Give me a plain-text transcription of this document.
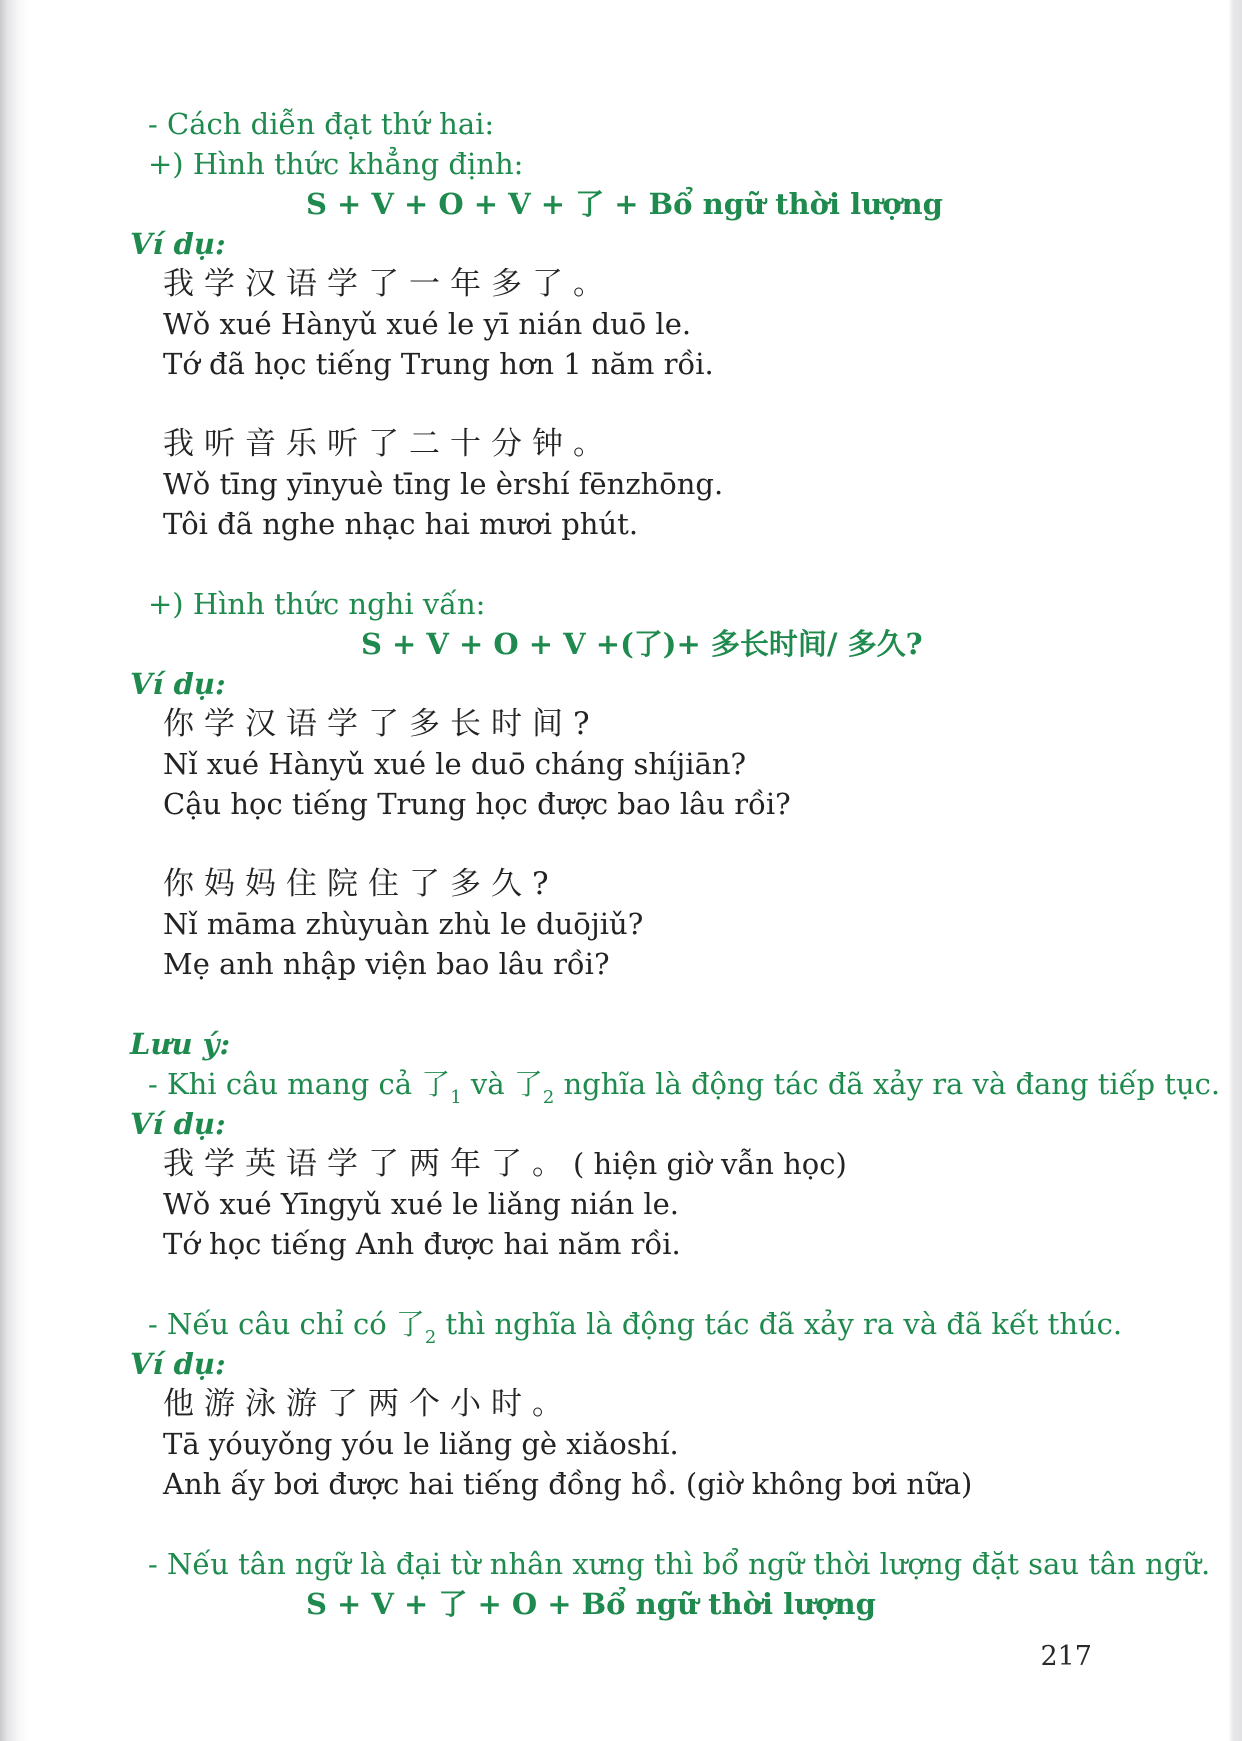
- Cách diễn đạt thứ hai:

+) Hình thức khẳng định:

S + V + O + V + 了 + Bổ ngữ thời lượng

Ví dụ:

我学汉语学了一年多了。

Wǒ xué Hànyǔ xué le yī nián duō le.

Tớ đã học tiếng Trung hơn 1 năm rồi.

我听音乐听了二十分钟。

Wǒ tīng yīnyuè tīng le èrshí fēnzhōng.

Tôi đã nghe nhạc hai mươi phút.

+) Hình thức nghi vấn:

S + V + O + V +(了)+ 多长时间/ 多久?

Ví dụ:

你学汉语学了多长时间?

Nǐ xué Hànyǔ xué le duō cháng shíjiān?

Cậu học tiếng Trung học được bao lâu rồi?

你妈妈住院住了多久?

Nǐ māma zhùyuàn zhù le duōjiǔ?

Mẹ anh nhập viện bao lâu rồi?

Lưu ý:

- Khi câu mang cả 了$_1$ và 了$_2$ nghĩa là động tác đã xảy ra và đang tiếp tục.

Ví dụ:

我学英语学了两年了。( hiện giờ vẫn học)

Wǒ xué Yīngyǔ xué le liǎng nián le.

Tớ học tiếng Anh được hai năm rồi.

- Nếu câu chỉ có 了$_2$ thì nghĩa là động tác đã xảy ra và đã kết thúc.

Ví dụ:

他游泳游了两个小时。

Tā yóuyǒng yóu le liǎng gè xiǎoshí.

Anh ấy bơi được hai tiếng đồng hồ. (giờ không bơi nữa)

- Nếu tân ngữ là đại từ nhân xưng thì bổ ngữ thời lượng đặt sau tân ngữ.

S + V + 了 + O + Bổ ngữ thời lượng

217
